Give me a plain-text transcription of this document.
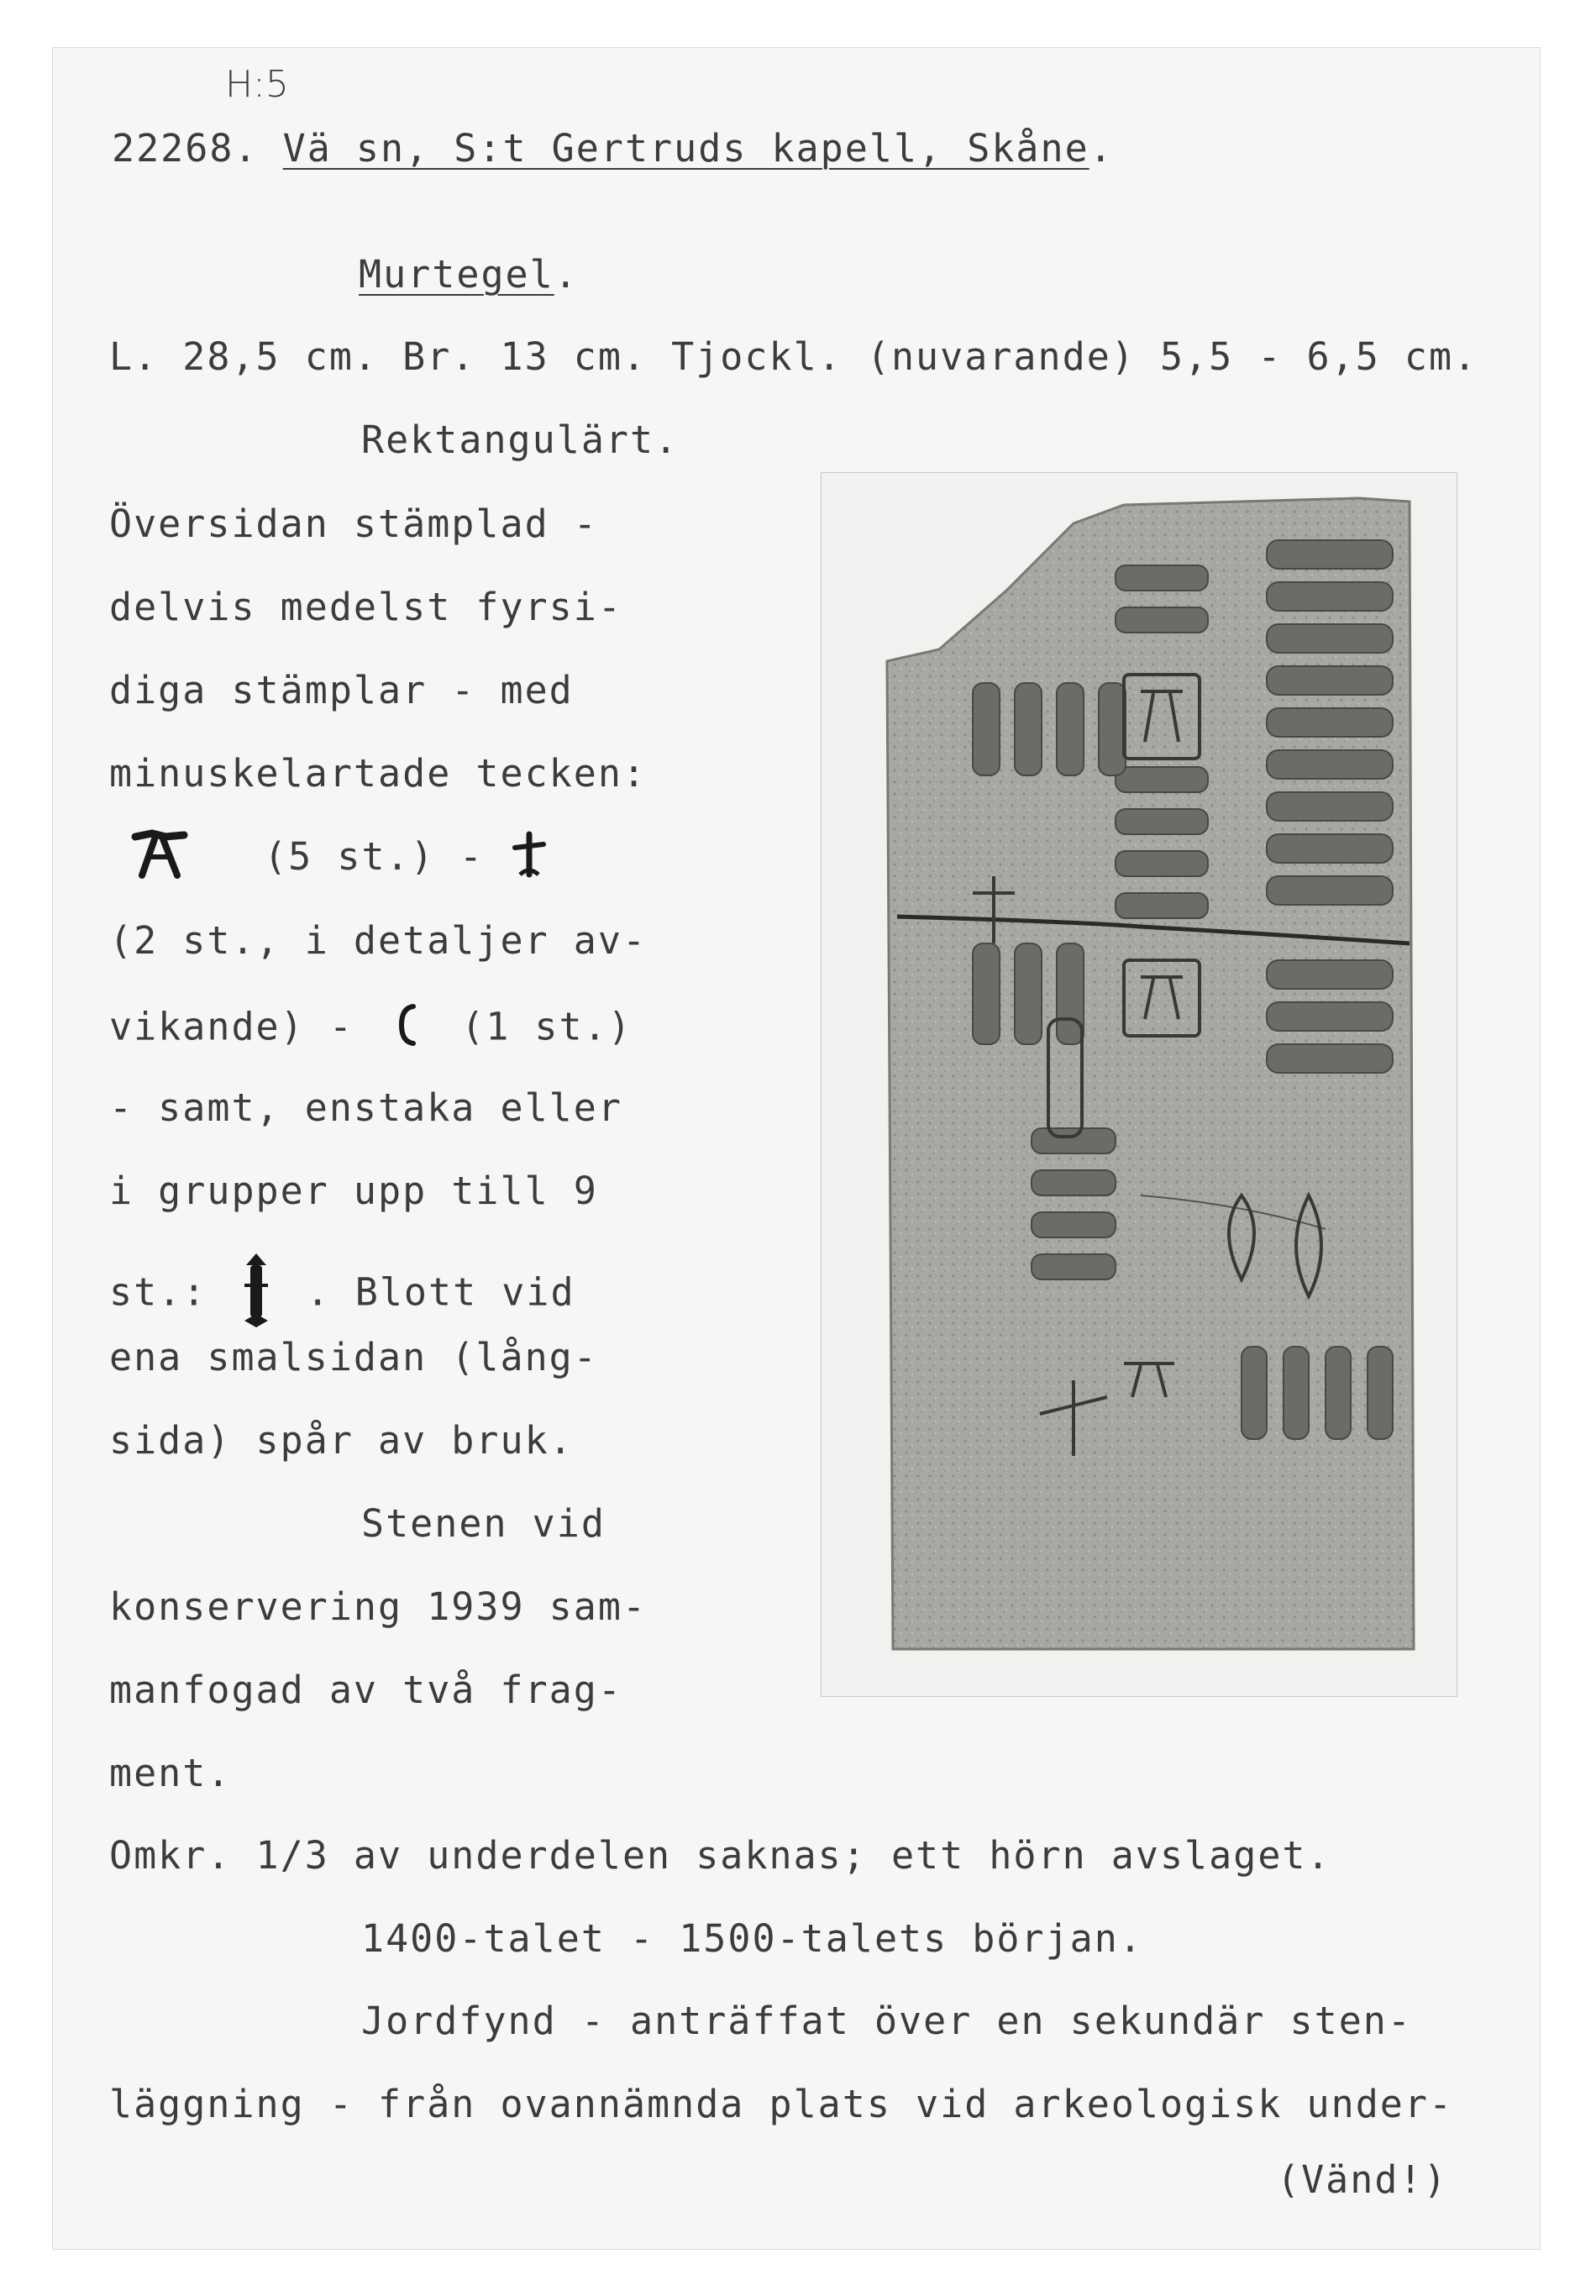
H:5
22268. Vä sn, S:t Gertruds kapell, Skåne.
Murtegel.
L. 28,5 cm. Br. 13 cm. Tjockl. (nuvarande) 5,5 - 6,5 cm.
Rektangulärt.
Översidan stämplad -
delvis medelst fyrsi-
diga stämplar - med
minuskelartade tecken:
(5 st.) -
(2 st., i detaljer av-
vikande) -	(1 st.)
- samt, enstaka eller
i grupper upp till 9
st.:	. Blott vid
ena smalsidan (lång-
sida) spår av bruk.
Stenen vid
konservering 1939 sam-
manfogad av två frag-
ment.
Omkr. 1/3 av underdelen saknas; ett hörn avslaget.
1400-talet - 1500-talets början.
Jordfynd - anträffat över en sekundär sten-
läggning - från ovannämnda plats vid arkeologisk under-
(Vänd!)
